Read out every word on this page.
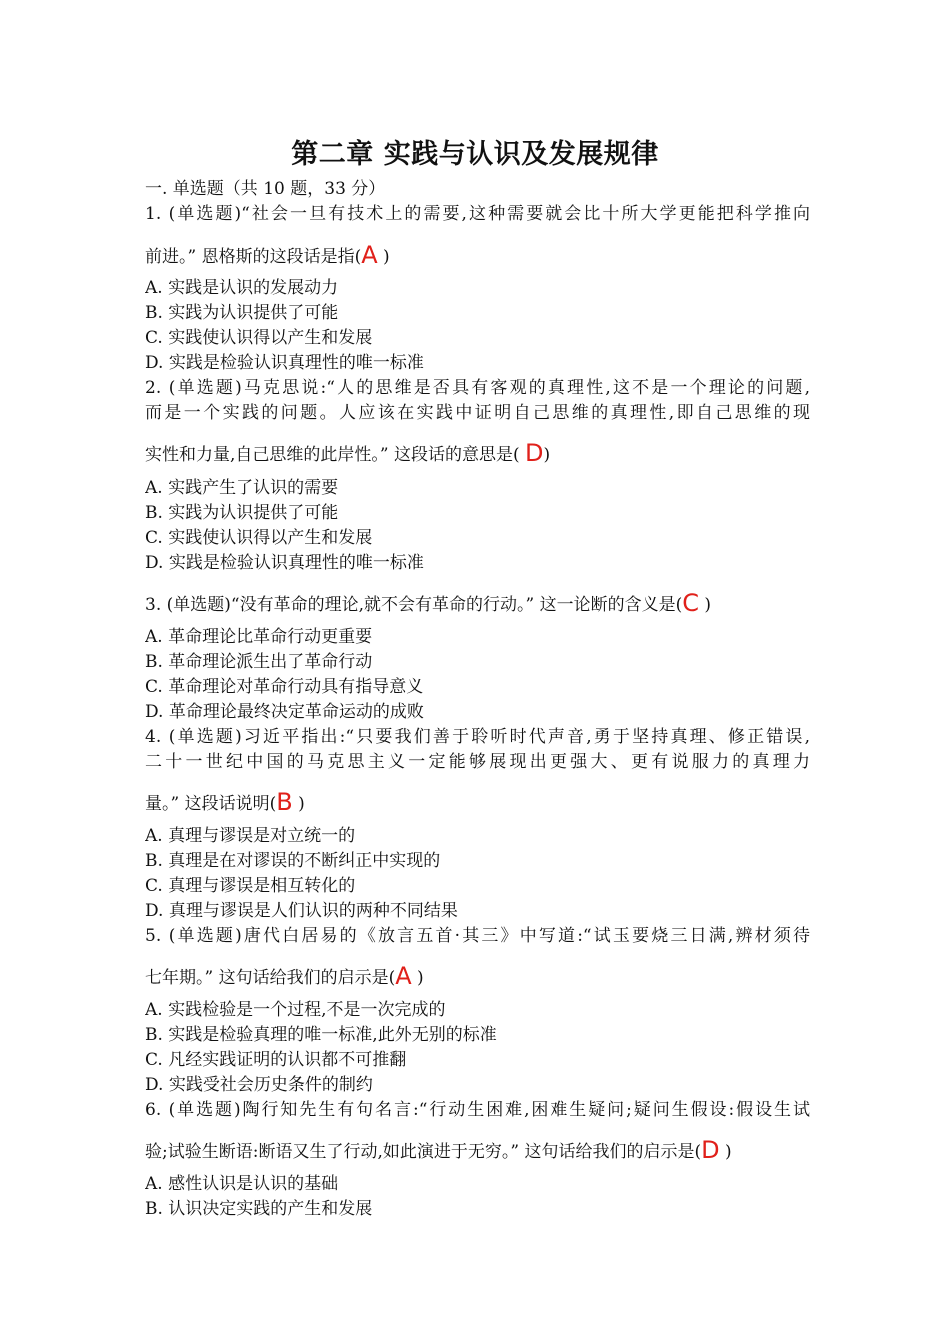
第二章 实践与认识及发展规律
一. 单选题（共 10 题，33 分）
1. (单选题)“社会一旦有技术上的需要,这种需要就会比十所大学更能把科学推向
前进。” 恩格斯的这段话是指(A )
A. 实践是认识的发展动力
B. 实践为认识提供了可能
C. 实践使认识得以产生和发展
D. 实践是检验认识真理性的唯一标准
2. (单选题)马克思说:“人的思维是否具有客观的真理性,这不是一个理论的问题,
而是一个实践的问题。人应该在实践中证明自己思维的真理性,即自己思维的现
实性和力量,自己思维的此岸性。” 这段话的意思是( D)
A. 实践产生了认识的需要
B. 实践为认识提供了可能
C. 实践使认识得以产生和发展
D. 实践是检验认识真理性的唯一标准
3. (单选题)“没有革命的理论,就不会有革命的行动。” 这一论断的含义是(C )
A. 革命理论比革命行动更重要
B. 革命理论派生出了革命行动
C. 革命理论对革命行动具有指导意义
D. 革命理论最终决定革命运动的成败
4. (单选题)习近平指出:“只要我们善于聆听时代声音,勇于坚持真理、修正错误,
二十一世纪中国的马克思主义一定能够展现出更强大、更有说服力的真理力
量。” 这段话说明(B )
A. 真理与谬误是对立统一的
B. 真理是在对谬误的不断纠正中实现的
C. 真理与谬误是相互转化的
D. 真理与谬误是人们认识的两种不同结果
5. (单选题)唐代白居易的《放言五首·其三》中写道:“试玉要烧三日满,辨材须待
七年期。” 这句话给我们的启示是(A )
A. 实践检验是一个过程,不是一次完成的
B. 实践是检验真理的唯一标准,此外无别的标准
C. 凡经实践证明的认识都不可推翻
D. 实践受社会历史条件的制约
6. (单选题)陶行知先生有句名言:“行动生困难,困难生疑问;疑问生假设:假设生试
验;试验生断语:断语又生了行动,如此演进于无穷。” 这句话给我们的启示是(D )
A. 感性认识是认识的基础
B. 认识决定实践的产生和发展
